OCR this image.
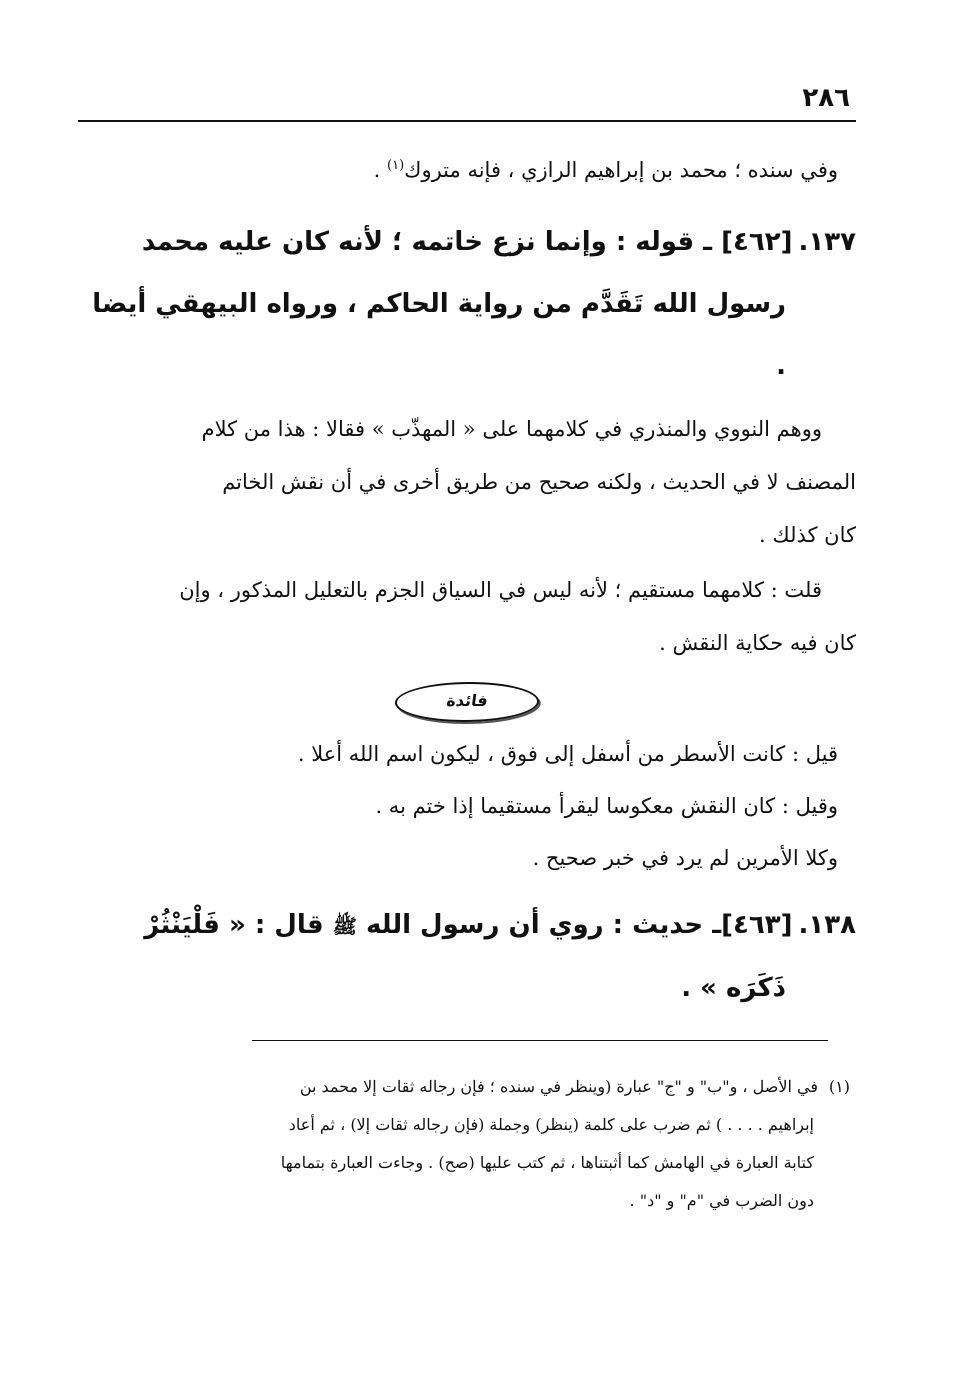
٢٨٦
وفي سنده ؛ محمد بن إبراهيم الرازي ، فإنه متروك$^{(١)}$ .
١٣٧.[٤٦٢] ـ قوله : وإنما نزع خاتمه ؛ لأنه كان عليه محمد
رسول الله تَقَدَّم من رواية الحاكم ، ورواه البيهقي أيضا .
ووهم النووي والمنذري في كلامهما على « المهذّب » فقالا : هذا من كلام
المصنف لا في الحديث ، ولكنه صحيح من طريق أخرى في أن نقش الخاتم
كان كذلك .
قلت : كلامهما مستقيم ؛ لأنه ليس في السياق الجزم بالتعليل المذكور ، وإن
كان فيه حكاية النقش .
فائدة
قيل : كانت الأسطر من أسفل إلى فوق ، ليكون اسم الله أعلا .
وقيل : كان النقش معكوسا ليقرأ مستقيما إذا ختم به .
وكلا الأمرين لم يرد في خبر صحيح .
١٣٨.[٤٦٣]ـ حديث : روي أن رسول الله ﷺ قال : « فَلْيَنْثُرْ
ذَكَرَه » .
(١)في الأصل ، و"ب" و "ج" عبارة (وينظر في سنده ؛ فإن رجاله ثقات إلا محمد بن
إبراهيم . . . . ) ثم ضرب على كلمة (ينظر) وجملة (فإن رجاله ثقات إلا) ، ثم أعاد
كتابة العبارة في الهامش كما أثبتناها ، ثم كتب عليها (صح) . وجاءت العبارة بتمامها
دون الضرب في "م" و "د" .
